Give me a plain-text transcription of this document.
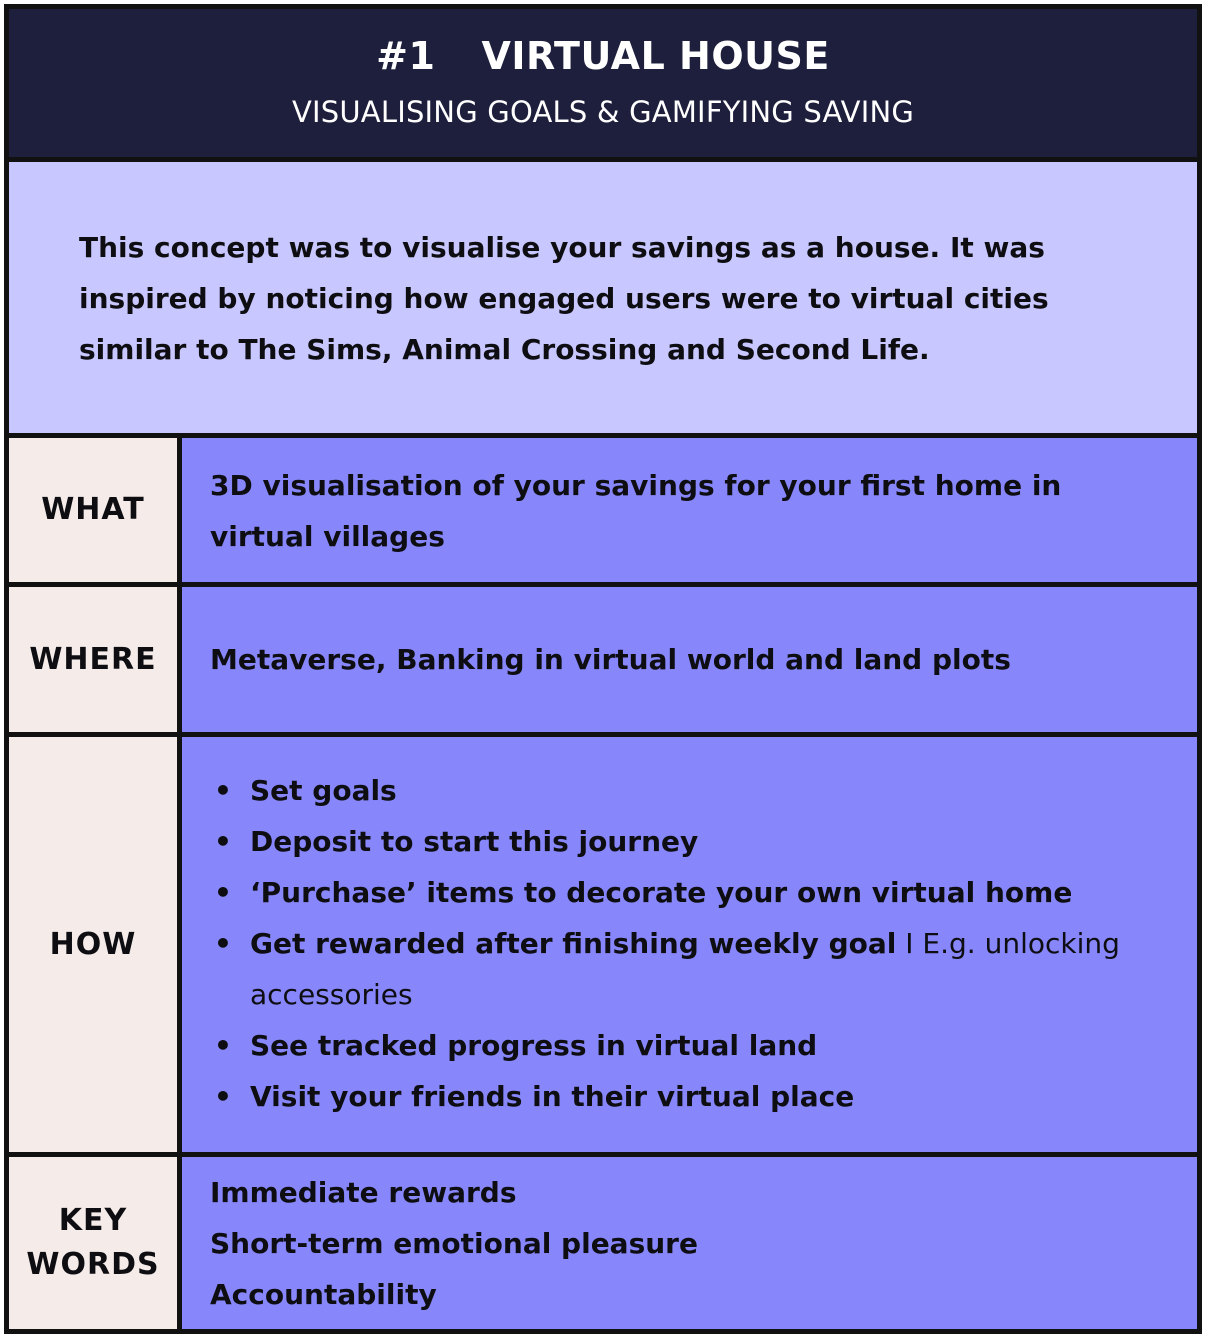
#1 VIRTUAL HOUSE
VISUALISING GOALS & GAMIFYING SAVING
This concept was to visualise your savings as a house. It was inspired by noticing how engaged users were to virtual cities similar to The Sims, Animal Crossing and Second Life.
WHAT
3D visualisation of your savings for your first home in virtual villages
WHERE Metaverse, Banking in virtual world and land plots
HOW
• Set goals
• Deposit to start this journey
• ‘Purchase’ items to decorate your own virtual home
• Get rewarded after finishing weekly goal I E.g. unlocking accessories
• See tracked progress in virtual land
• Visit your friends in their virtual place
KEY
WORDS
Immediate rewards
Short-term emotional pleasure
Accountability
